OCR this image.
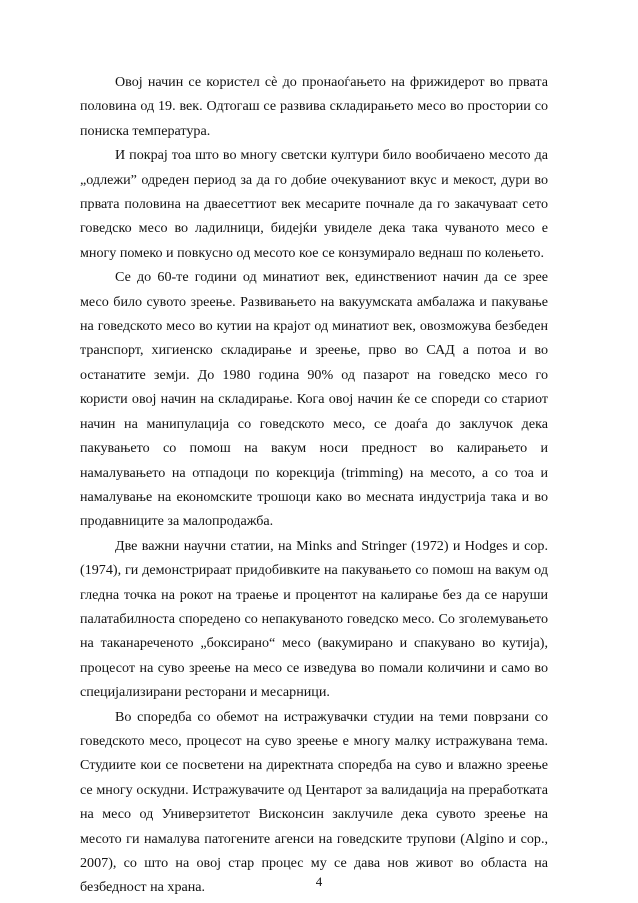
Овој начин се користел сѐ до пронаоѓањето на фрижидерот во првата половина од 19. век. Одтогаш се развива складирањето месо во простории со пониска температура.

И покрај тоа што во многу светски култури било вообичаено месото да „одлежи” одреден период за да го добие очекуваниот вкус и мекост, дури во првата половина на дваесеттиот век месарите почнале да го закачуваат сето говедско месо во ладилници, бидејќи увиделе дека така чуваното месо е многу помеко и повкусно од месото кое се конзумирало веднаш по колењето.

Се до 60-те години од минатиот век, единствениот начин да се зрее месо било сувото зреење. Развивањето на вакуумската амбалажа и пакување на говедското месо во кутии на крајот од минатиот век, овозможува безбеден транспорт, хигиенско складирање и зреење, прво во САД а потоа и во останатите земји. До 1980 година 90% од пазарот на говедско месо го користи овој начин на складирање. Кога овој начин ќе се спореди со стариот начин на манипулација со говедското месо, се доаѓа до заклучок дека пакувањето со помош на вакум носи предност во калирањето и намалувањето на отпадоци по корекција (trimming) на месото, а со тоа и намалување на економските трошоци како во месната индустрија така и во продавниците за малопродажба.

Две важни научни статии, на Minks and Stringer (1972) и Hodges и сор. (1974), ги демонстрираат придобивките на пакувањето со помош на вакум од гледна точка на рокот на траење и процентот на калирање без да се наруши палатабилноста споредено со непакуваното говедско месо. Со зголемувањето на таканареченото „боксирано“ месо (вакумирано и спакувано во кутија), процесот на суво зреење на месо се изведува во помали количини и само во специјализирани ресторани и месарници.

Во споредба со обемот на истражувачки студии на теми поврзани со говедското месо, процесот на суво зреење е многу малку истражувана тема. Студиите кои се посветени на директната споредба на суво и влажно зреење се многу оскудни. Истражувачите од Центарот за валидација на преработката на месо од Универзитетот Висконсин заклучиле дека сувото зреење на месото ги намалува патогените агенси на говедските трупови (Algino и сор., 2007), со што на овој стар процес му се дава нов живот во областа на безбедност на храна.	4
